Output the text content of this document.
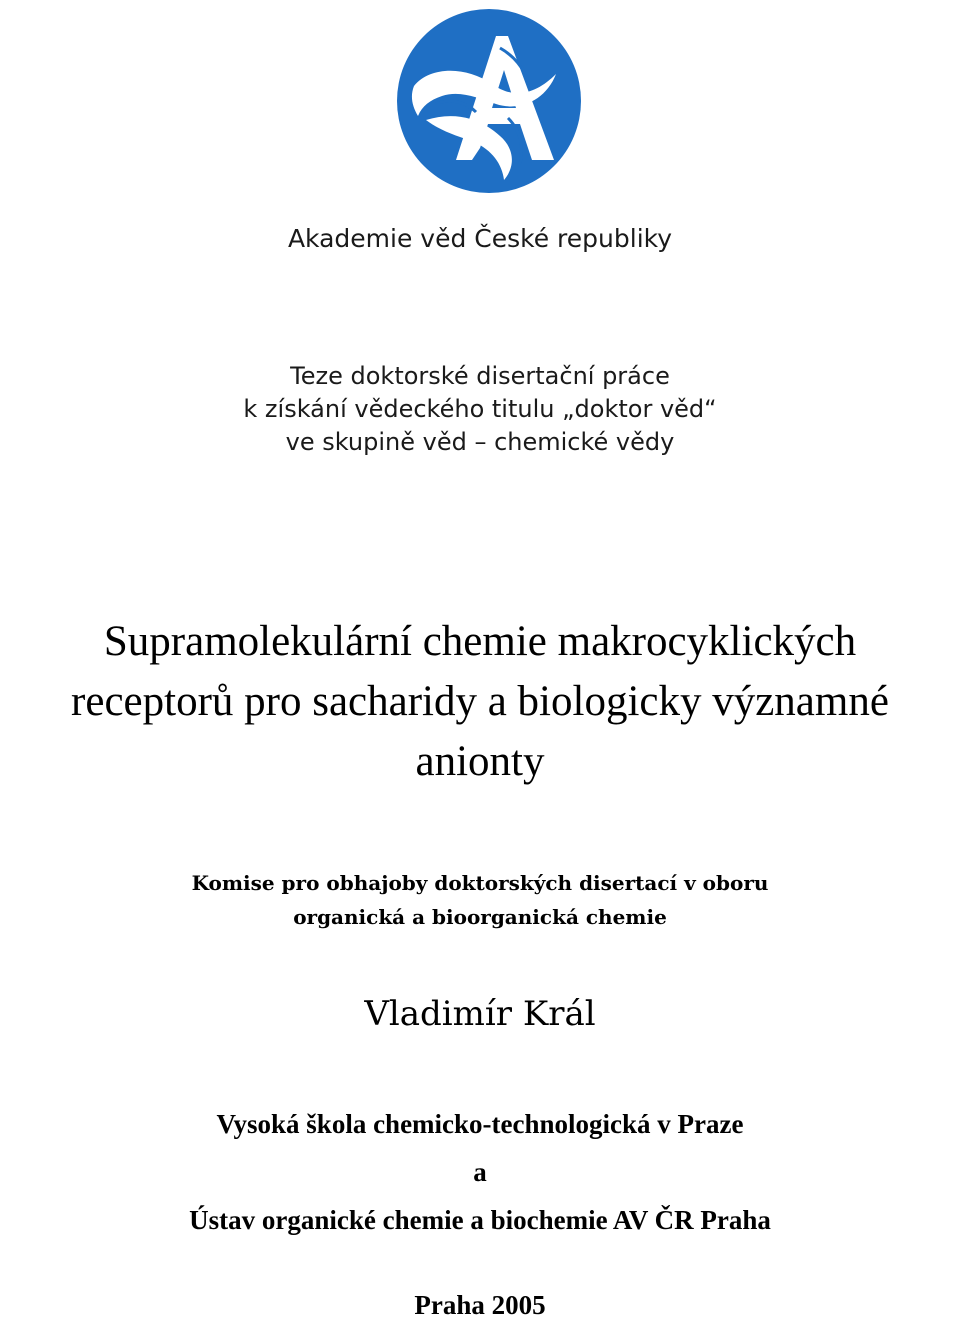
Akademie věd České republiky
Teze doktorské disertační práce
k získání vědeckého titulu „doktor věd“
ve skupině věd – chemické vědy
Supramolekulární chemie makrocyklických
receptorů pro sacharidy a biologicky významné
anionty
Komise pro obhajoby doktorských disertací v oboru
organická a bioorganická chemie
Vladimír Král
Vysoká škola chemicko-technologická v Praze
a
Ústav organické chemie a biochemie AV ČR Praha
Praha 2005
